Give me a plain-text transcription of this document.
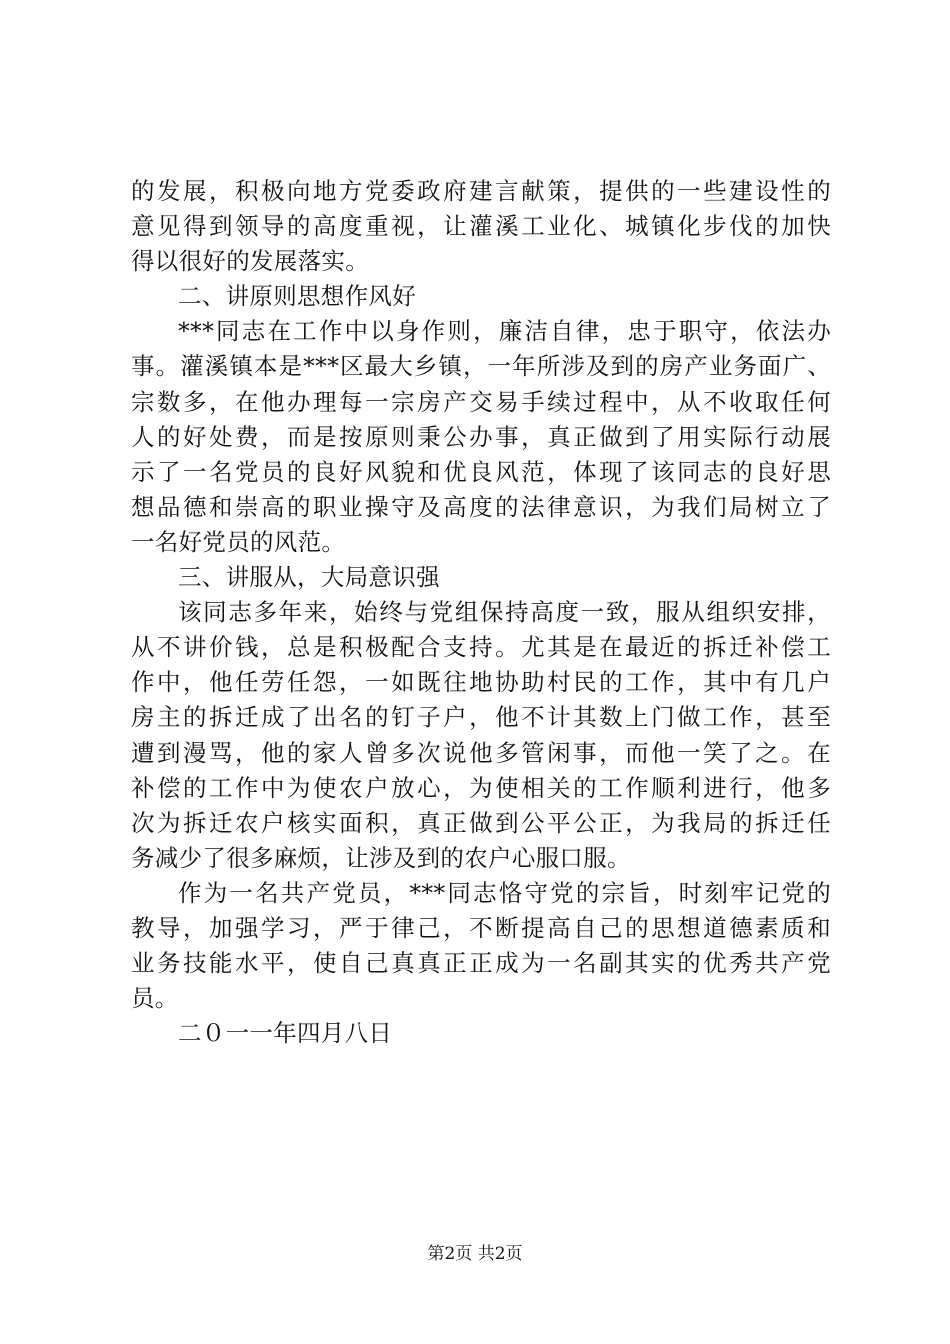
的发展，积极向地方党委政府建言献策，提供的一些建设性的
意见得到领导的高度重视，让灌溪工业化、城镇化步伐的加快
得以很好的发展落实。
二、讲原则思想作风好
***同志在工作中以身作则，廉洁自律，忠于职守，依法办
事。灌溪镇本是***区最大乡镇，一年所涉及到的房产业务面广、
宗数多，在他办理每一宗房产交易手续过程中，从不收取任何
人的好处费，而是按原则秉公办事，真正做到了用实际行动展
示了一名党员的良好风貌和优良风范，体现了该同志的良好思
想品德和崇高的职业操守及高度的法律意识，为我们局树立了
一名好党员的风范。
三、讲服从，大局意识强
该同志多年来，始终与党组保持高度一致，服从组织安排，
从不讲价钱，总是积极配合支持。尤其是在最近的拆迁补偿工
作中，他任劳任怨，一如既往地协助村民的工作，其中有几户
房主的拆迁成了出名的钉子户，他不计其数上门做工作，甚至
遭到漫骂，他的家人曾多次说他多管闲事，而他一笑了之。在
补偿的工作中为使农户放心，为使相关的工作顺利进行，他多
次为拆迁农户核实面积，真正做到公平公正，为我局的拆迁任
务减少了很多麻烦，让涉及到的农户心服口服。
作为一名共产党员，***同志恪守党的宗旨，时刻牢记党的
教导，加强学习，严于律己，不断提高自己的思想道德素质和
业务技能水平，使自己真真正正成为一名副其实的优秀共产党
员。
二０一一年四月八日
第2页 共2页
